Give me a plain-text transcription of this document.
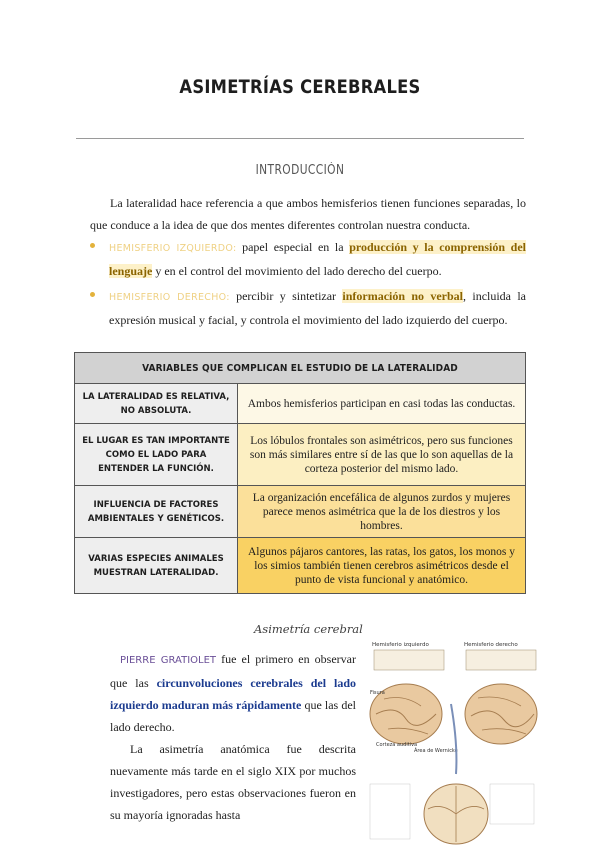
ASIMETRÍAS CEREBRALES
INTRODUCCIÓN
La lateralidad hace referencia a que ambos hemisferios tienen funciones separadas, lo que conduce a la idea de que dos mentes diferentes controlan nuestra conducta.
HEMISFERIO IZQUIERDO: papel especial en la producción y la comprensión del lenguaje y en el control del movimiento del lado derecho del cuerpo.
HEMISFERIO DERECHO: percibir y sintetizar información no verbal, incluida la expresión musical y facial, y controla el movimiento del lado izquierdo del cuerpo.
VARIABLES QUE COMPLICAN EL ESTUDIO DE LA LATERALIDAD	
LA LATERALIDAD ES RELATIVA, NO ABSOLUTA.	Ambos hemisferios participan en casi todas las conductas.
EL LUGAR ES TAN IMPORTANTE COMO EL LADO PARA ENTENDER LA FUNCIÓN.	Los lóbulos frontales son asimétricos, pero sus funciones son más similares entre sí de las que lo son aquellas de la corteza posterior del mismo lado.
INFLUENCIA DE FACTORES AMBIENTALES Y GENÉTICOS.	La organización encefálica de algunos zurdos y mujeres parece menos asimétrica que la de los diestros y los hombres.
VARIAS ESPECIES ANIMALES MUESTRAN LATERALIDAD.	Algunos pájaros cantores, las ratas, los gatos, los monos y los simios también tienen cerebros asimétricos desde el punto de vista funcional y anatómico.
Asimetría cerebral

PIERRE GRATIOLET fue el primero en observar que las circunvoluciones cerebrales del lado izquierdo maduran más rápidamente que las del lado derecho.

La asimetría anatómica fue descrita nuevamente más tarde en el siglo XIX por muchos investigadores, pero estas observaciones fueron en su mayoría ignoradas hasta

Hemisferio izquierdo	Hemisferio derecho
Fisura
Corteza auditiva
Área de Wernicke
